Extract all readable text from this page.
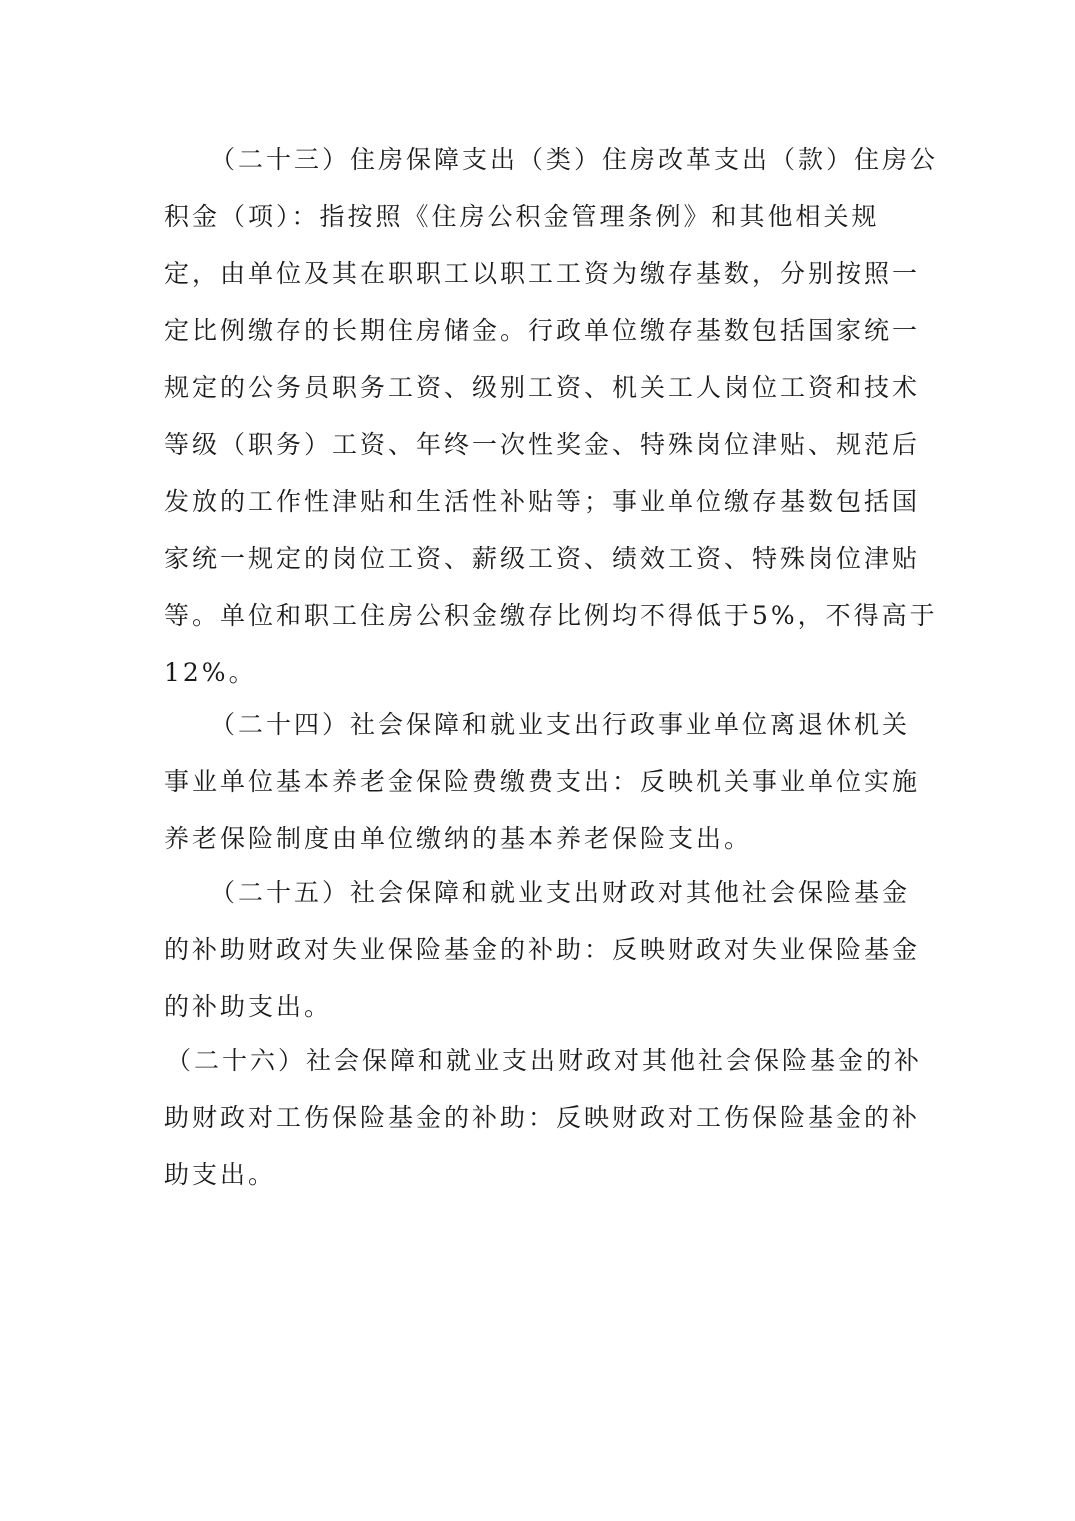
（二十三）住房保障支出（类）住房改革支出（款）住房公
积金（项）：指按照《住房公积金管理条例》和其他相关规
定，由单位及其在职职工以职工工资为缴存基数，分别按照一
定比例缴存的长期住房储金。行政单位缴存基数包括国家统一
规定的公务员职务工资、级别工资、机关工人岗位工资和技术
等级（职务）工资、年终一次性奖金、特殊岗位津贴、规范后
发放的工作性津贴和生活性补贴等；事业单位缴存基数包括国
家统一规定的岗位工资、薪级工资、绩效工资、特殊岗位津贴
等。单位和职工住房公积金缴存比例均不得低于5%，不得高于
12%。
（二十四）社会保障和就业支出行政事业单位离退休机关
事业单位基本养老金保险费缴费支出：反映机关事业单位实施
养老保险制度由单位缴纳的基本养老保险支出。
（二十五）社会保障和就业支出财政对其他社会保险基金
的补助财政对失业保险基金的补助：反映财政对失业保险基金
的补助支出。
（二十六）社会保障和就业支出财政对其他社会保险基金的补
助财政对工伤保险基金的补助：反映财政对工伤保险基金的补
助支出。
